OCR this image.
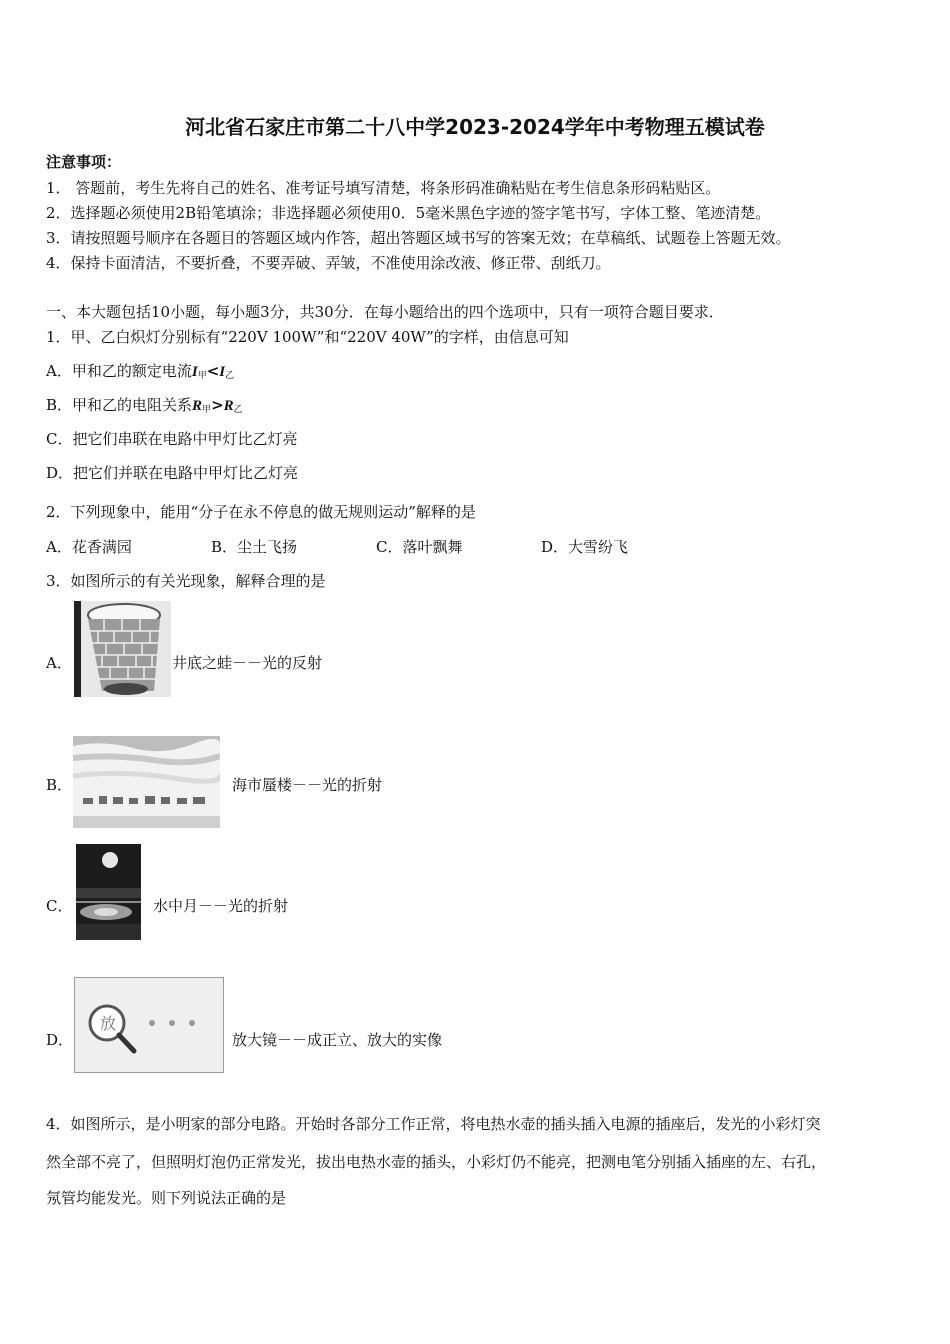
河北省石家庄市第二十八中学2023-2024学年中考物理五模试卷
注意事项：
1． 答题前，考生先将自己的姓名、准考证号填写清楚，将条形码准确粘贴在考生信息条形码粘贴区。
2．选择题必须使用2B铅笔填涂；非选择题必须使用0．5毫米黑色字迹的签字笔书写，字体工整、笔迹清楚。
3．请按照题号顺序在各题目的答题区域内作答，超出答题区域书写的答案无效；在草稿纸、试题卷上答题无效。
4．保持卡面清洁，不要折叠，不要弄破、弄皱，不准使用涂改液、修正带、刮纸刀。
一、本大题包括10小题，每小题3分，共30分．在每小题给出的四个选项中，只有一项符合题目要求．
1．甲、乙白炽灯分别标有“220V 100W”和“220V 40W”的字样，由信息可知
A．甲和乙的额定电流$I_甲<I_乙$
B．甲和乙的电阻关系$R_甲>R_乙$
C．把它们串联在电路中甲灯比乙灯亮
D．把它们并联在电路中甲灯比乙灯亮
2．下列现象中，能用“分子在永不停息的做无规则运动”解释的是
A．花香满园	B．尘土飞扬	C．落叶飘舞	D．大雪纷飞
3．如图所示的有关光现象，解释合理的是
A．	井底之蛙－－光的反射
B．	海市蜃楼－－光的折射
C．	水中月－－光的折射
D．
放
放大镜－－成正立、放大的实像
4．如图所示，是小明家的部分电路。开始时各部分工作正常，将电热水壶的插头插入电源的插座后，发光的小彩灯突
然全部不亮了，但照明灯泡仍正常发光，拔出电热水壶的插头，小彩灯仍不能亮，把测电笔分别插入插座的左、右孔，
氖管均能发光。则下列说法正确的是
